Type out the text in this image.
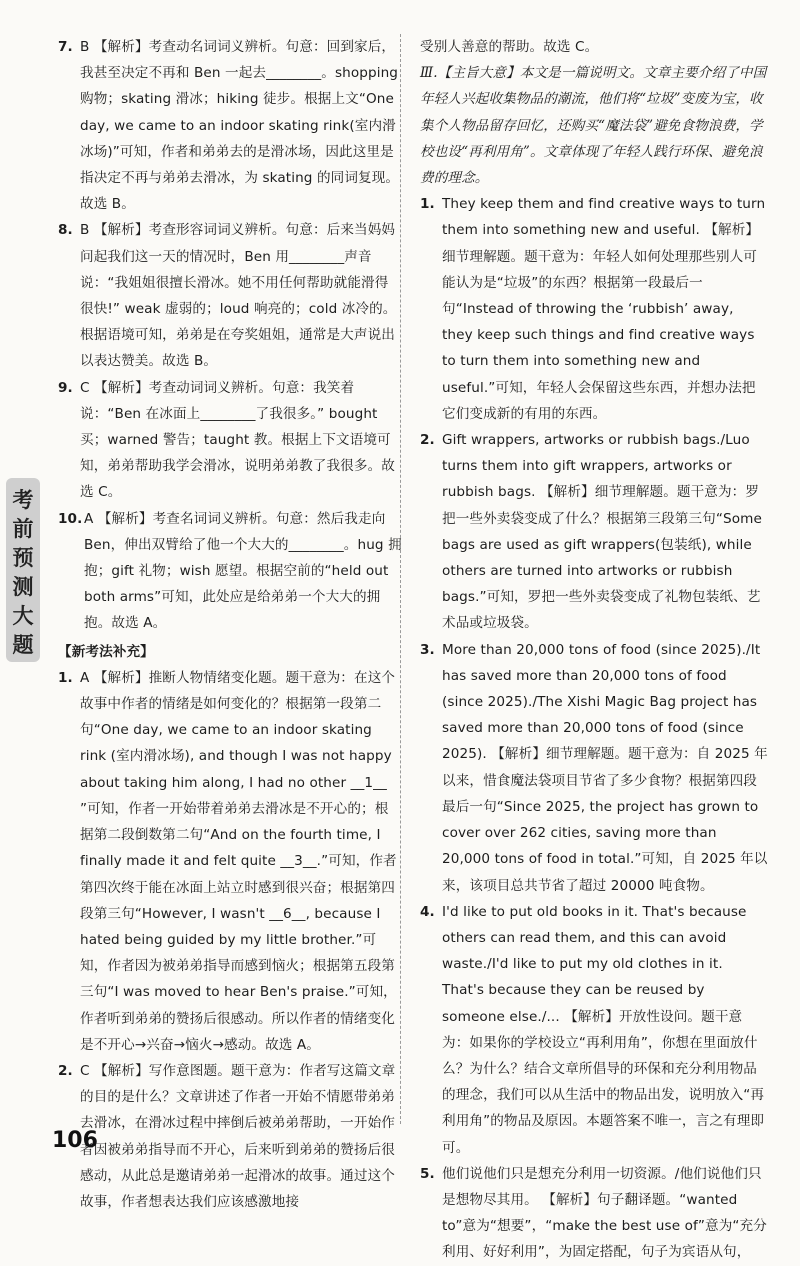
7. B 【解析】考查动名词词义辨析。句意：回到家后，我甚至决定不再和 Ben 一起去________。shopping 购物；skating 滑冰；hiking 徒步。根据上文“One day, we came to an indoor skating rink(室内滑冰场)”可知，作者和弟弟去的是滑冰场，因此这里是指决定不再与弟弟去滑冰，为 skating 的同词复现。故选 B。
8. B 【解析】考查形容词词义辨析。句意：后来当妈妈问起我们这一天的情况时，Ben 用________声音说：“我姐姐很擅长滑冰。她不用任何帮助就能滑得很快!” weak 虚弱的；loud 响亮的；cold 冰冷的。根据语境可知，弟弟是在夸奖姐姐，通常是大声说出以表达赞美。故选 B。
9. C 【解析】考查动词词义辨析。句意：我笑着说：“Ben 在冰面上________了我很多。” bought 买；warned 警告；taught 教。根据上下文语境可知，弟弟帮助我学会滑冰，说明弟弟教了我很多。故选 C。
10. A 【解析】考查名词词义辨析。句意：然后我走向 Ben，伸出双臂给了他一个大大的________。hug 拥抱；gift 礼物；wish 愿望。根据空前的“held out both arms”可知，此处应是给弟弟一个大大的拥抱。故选 A。
【新考法补充】
1. A 【解析】推断人物情绪变化题。题干意为：在这个故事中作者的情绪是如何变化的？根据第一段第二句“One day, we came to an indoor skating rink (室内滑冰场), and though I was not happy about taking him along, I had no other __1__ ”可知，作者一开始带着弟弟去滑冰是不开心的；根据第二段倒数第二句“And on the fourth time, I finally made it and felt quite __3__.”可知，作者第四次终于能在冰面上站立时感到很兴奋；根据第四段第三句“However, I wasn't __6__, because I hated being guided by my little brother.”可知，作者因为被弟弟指导而感到恼火；根据第五段第三句“I was moved to hear Ben's praise.”可知，作者听到弟弟的赞扬后很感动。所以作者的情绪变化是不开心→兴奋→恼火→感动。故选 A。
2. C 【解析】写作意图题。题干意为：作者写这篇文章的目的是什么？文章讲述了作者一开始不情愿带弟弟去滑冰，在滑冰过程中摔倒后被弟弟帮助，一开始作者因被弟弟指导而不开心，后来听到弟弟的赞扬后很感动，从此总是邀请弟弟一起滑冰的故事。通过这个故事，作者想表达我们应该感激地接
受别人善意的帮助。故选 C。
Ⅲ.【主旨大意】本文是一篇说明文。文章主要介绍了中国年轻人兴起收集物品的潮流，他们将“垃圾”变废为宝，收集个人物品留存回忆，还购买“魔法袋”避免食物浪费，学校也设“再利用角”。文章体现了年轻人践行环保、避免浪费的理念。
1. They keep them and find creative ways to turn them into something new and useful. 【解析】细节理解题。题干意为：年轻人如何处理那些别人可能认为是“垃圾”的东西？根据第一段最后一句“Instead of throwing the ‘rubbish’ away, they keep such things and find creative ways to turn them into something new and useful.”可知，年轻人会保留这些东西，并想办法把它们变成新的有用的东西。
2. Gift wrappers, artworks or rubbish bags./Luo turns them into gift wrappers, artworks or rubbish bags. 【解析】细节理解题。题干意为：罗把一些外卖袋变成了什么？根据第三段第三句“Some bags are used as gift wrappers(包装纸), while others are turned into artworks or rubbish bags.”可知，罗把一些外卖袋变成了礼物包装纸、艺术品或垃圾袋。
3. More than 20,000 tons of food (since 2025)./It has saved more than 20,000 tons of food (since 2025)./The Xishi Magic Bag project has saved more than 20,000 tons of food (since 2025). 【解析】细节理解题。题干意为：自 2025 年以来，惜食魔法袋项目节省了多少食物？根据第四段最后一句“Since 2025, the project has grown to cover over 262 cities, saving more than 20,000 tons of food in total.”可知，自 2025 年以来，该项目总共节省了超过 20000 吨食物。
4. I'd like to put old books in it. That's because others can read them, and this can avoid waste./I'd like to put my old clothes in it. That's because they can be reused by someone else./... 【解析】开放性设问。题干意为：如果你的学校设立“再利用角”，你想在里面放什么？为什么？结合文章所倡导的环保和充分利用物品的理念，我们可以从生活中的物品出发，说明放入“再利用角”的物品及原因。本题答案不唯一，言之有理即可。
5. 他们说他们只是想充分利用一切资源。/他们说他们只是想物尽其用。 【解析】句子翻译题。“wanted to”意为“想要”，“make the best use of”意为“充分利用、好好利用”，为固定搭配，句子为宾语从句，
考
前
预
测
大
题
106
